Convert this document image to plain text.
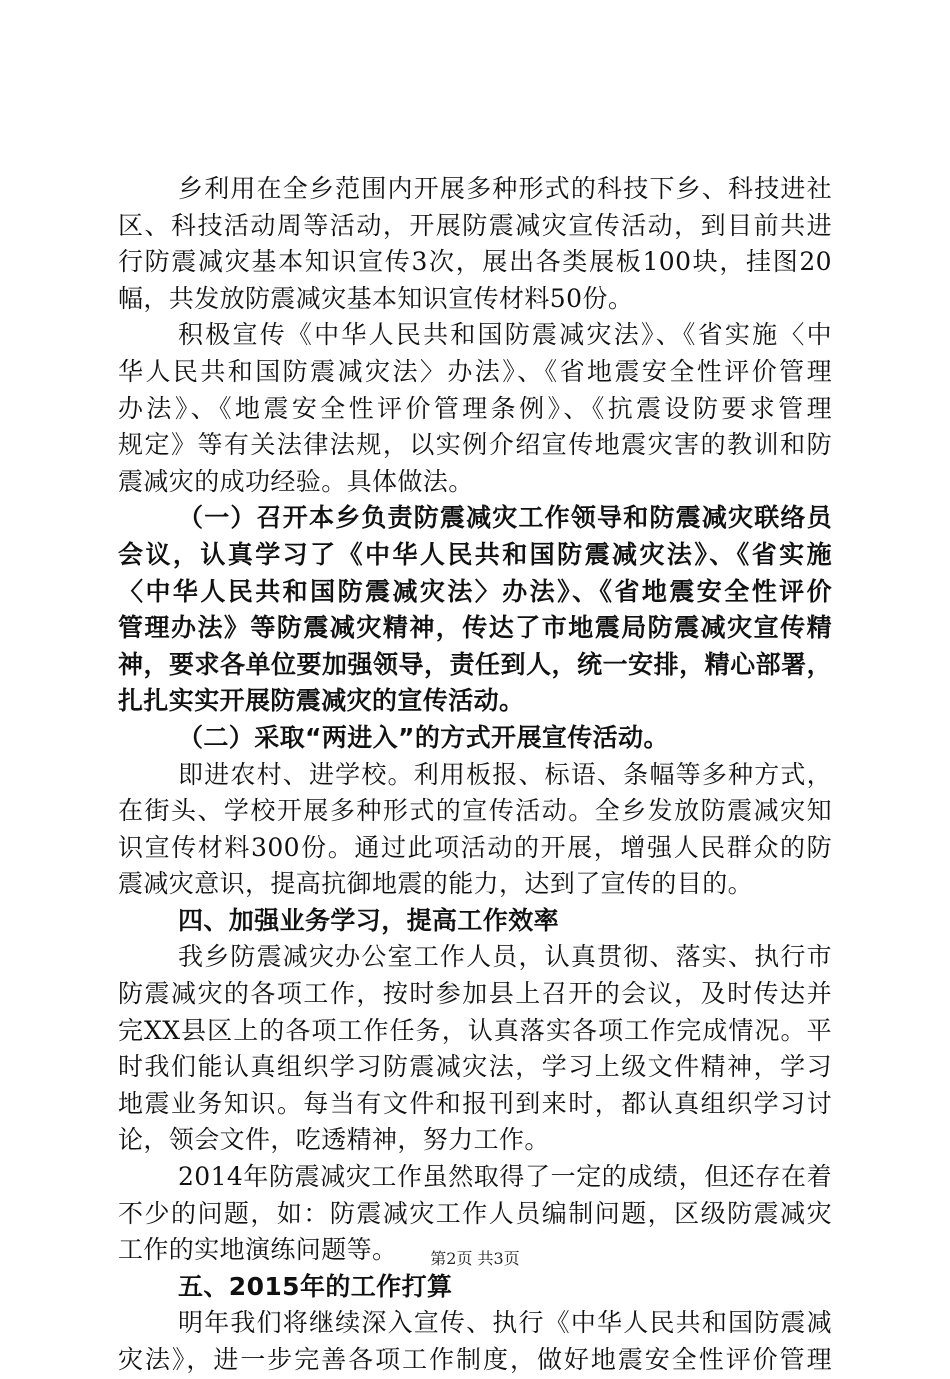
乡利用在全乡范围内开展多种形式的科技下乡、科技进社
区、科技活动周等活动，开展防震减灾宣传活动，到目前共进
行防震减灾基本知识宣传3次，展出各类展板100块，挂图20
幅，共发放防震减灾基本知识宣传材料50份。
积极宣传《中华人民共和国防震减灾法》、《省实施〈中
华人民共和国防震减灾法〉办法》、《省地震安全性评价管理
办法》、《地震安全性评价管理条例》、《抗震设防要求管理
规定》等有关法律法规，以实例介绍宣传地震灾害的教训和防
震减灾的成功经验。具体做法。
（一）召开本乡负责防震减灾工作领导和防震减灾联络员
会议，认真学习了《中华人民共和国防震减灾法》、《省实施
〈中华人民共和国防震减灾法〉办法》、《省地震安全性评价
管理办法》等防震减灾精神，传达了市地震局防震减灾宣传精
神，要求各单位要加强领导，责任到人，统一安排，精心部署，
扎扎实实开展防震减灾的宣传活动。
（二）采取“两进入”的方式开展宣传活动。
即进农村、进学校。利用板报、标语、条幅等多种方式，
在街头、学校开展多种形式的宣传活动。全乡发放防震减灾知
识宣传材料300份。通过此项活动的开展，增强人民群众的防
震减灾意识，提高抗御地震的能力，达到了宣传的目的。
四、加强业务学习，提高工作效率
我乡防震减灾办公室工作人员，认真贯彻、落实、执行市
防震减灾的各项工作，按时参加县上召开的会议，及时传达并
完XX县区上的各项工作任务，认真落实各项工作完成情况。平
时我们能认真组织学习防震减灾法，学习上级文件精神，学习
地震业务知识。每当有文件和报刊到来时，都认真组织学习讨
论，领会文件，吃透精神，努力工作。
2014年防震减灾工作虽然取得了一定的成绩，但还存在着
不少的问题，如：防震减灾工作人员编制问题，区级防震减灾
工作的实地演练问题等。
五、2015年的工作打算
明年我们将继续深入宣传、执行《中华人民共和国防震减
灾法》，进一步完善各项工作制度，做好地震安全性评价管理
第2页 共3页
